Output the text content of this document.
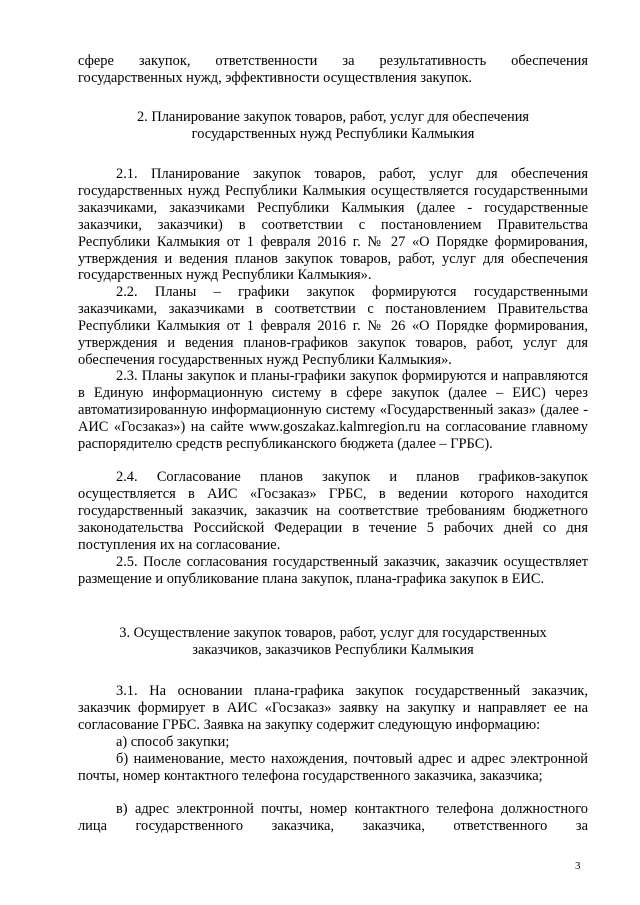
сфере закупок, ответственности за результативность обеспечения государственных нужд, эффективности осуществления закупок.

2. Планирование закупок товаров, работ, услуг для обеспечения

государственных нужд Республики Калмыкия

2.1. Планирование закупок товаров, работ, услуг для обеспечения государственных нужд Республики Калмыкия осуществляется государственными заказчиками, заказчиками Республики Калмыкия (далее - государственные заказчики, заказчики) в соответствии с постановлением Правительства Республики Калмыкия от 1 февраля 2016 г. № 27 «О Порядке формирования, утверждения и ведения планов закупок товаров, работ, услуг для обеспечения государственных нужд Республики Калмыкия».

2.2. Планы – графики закупок формируются государственными заказчиками, заказчиками в соответствии с постановлением Правительства Республики Калмыкия от 1 февраля 2016 г. № 26 «О Порядке формирования, утверждения и ведения планов-графиков закупок товаров, работ, услуг для обеспечения государственных нужд Республики Калмыкия».

2.3. Планы закупок и планы-графики закупок формируются и направляются в Единую информационную систему в сфере закупок (далее – ЕИС) через автоматизированную информационную систему «Государственный заказ» (далее - АИС «Госзаказ») на сайте www.goszakaz.kalmregion.ru на согласование главному распорядителю средств республиканского бюджета (далее – ГРБС).

2.4. Согласование планов закупок и планов графиков-закупок осуществляется в АИС «Госзаказ» ГРБС, в ведении которого находится государственный заказчик, заказчик на соответствие требованиям бюджетного законодательства Российской Федерации в течение 5 рабочих дней со дня поступления их на согласование.

2.5. После согласования государственный заказчик, заказчик осуществляет размещение и опубликование плана закупок, плана-графика закупок в ЕИС.

3. Осуществление закупок товаров, работ, услуг для государственных

заказчиков, заказчиков Республики Калмыкия

3.1. На основании плана-графика закупок государственный заказчик, заказчик формирует в АИС «Госзаказ» заявку на закупку и направляет ее на согласование ГРБС. Заявка на закупку содержит следующую информацию:

а) способ закупки;

б) наименование, место нахождения, почтовый адрес и адрес электронной почты, номер контактного телефона государственного заказчика, заказчика;

в) адрес электронной почты, номер контактного телефона должностного лица государственного заказчика, заказчика, ответственного за

3
